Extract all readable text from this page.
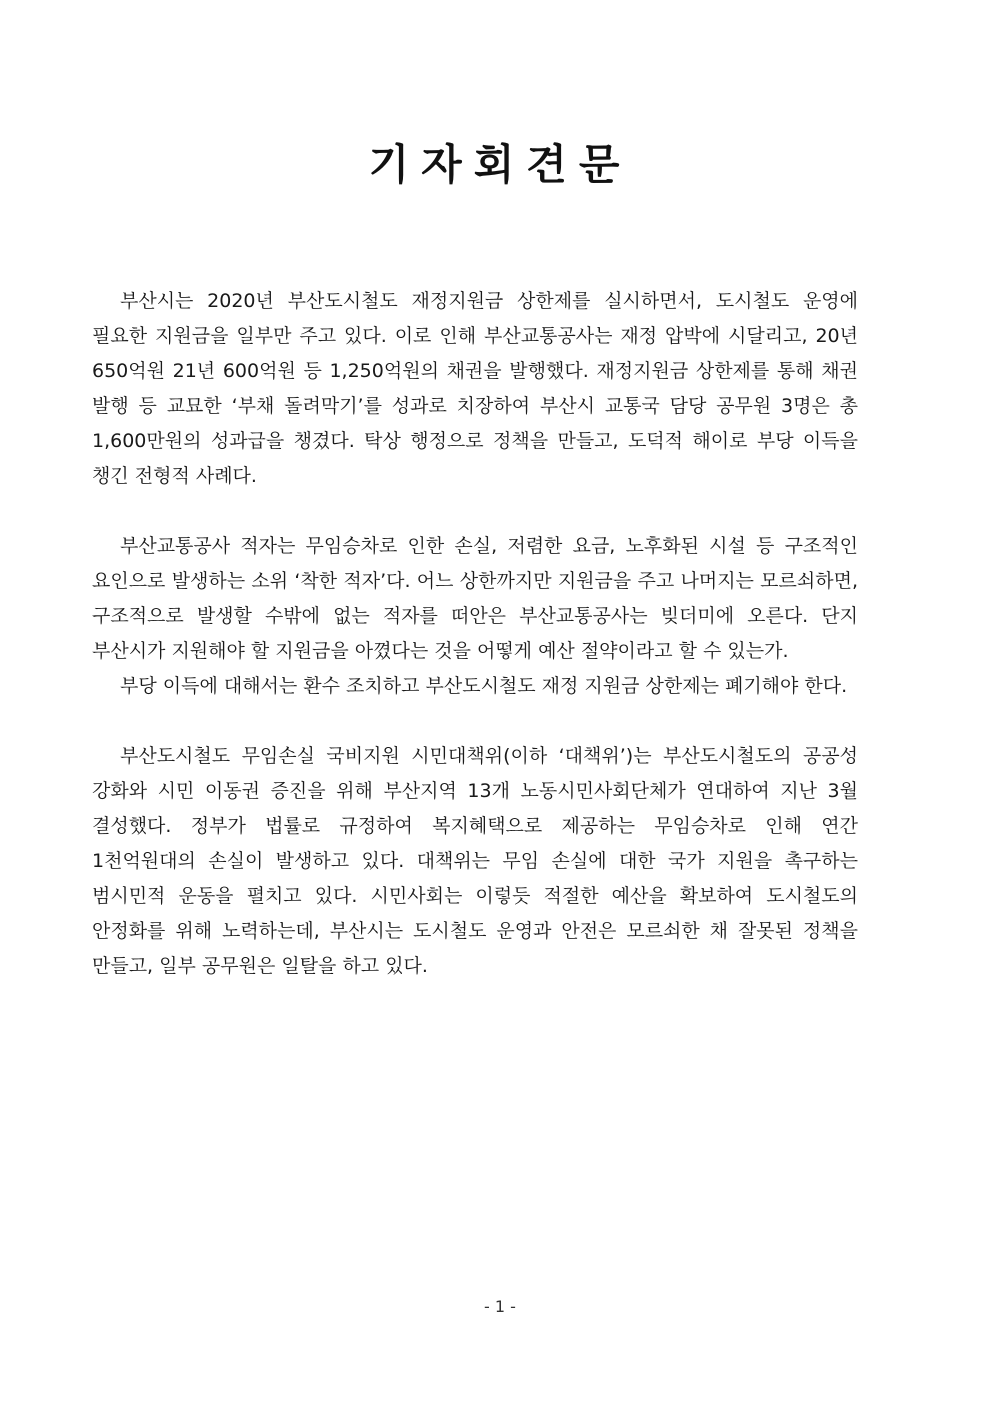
기자회견문

부산시는 2020년 부산도시철도 재정지원금 상한제를 실시하면서, 도시철도 운영에 필요한 지원금을 일부만 주고 있다. 이로 인해 부산교통공사는 재정 압박에 시달리고, 20년 650억원 21년 600억원 등 1,250억원의 채권을 발행했다. 재정지원금 상한제를 통해 채권 발행 등 교묘한 ‘부채 돌려막기’를 성과로 치장하여 부산시 교통국 담당 공무원 3명은 총 1,600만원의 성과급을 챙겼다. 탁상 행정으로 정책을 만들고, 도덕적 해이로 부당 이득을 챙긴 전형적 사례다.

부산교통공사 적자는 무임승차로 인한 손실, 저렴한 요금, 노후화된 시설 등 구조적인 요인으로 발생하는 소위 ‘착한 적자’다. 어느 상한까지만 지원금을 주고 나머지는 모르쇠하면, 구조적으로 발생할 수밖에 없는 적자를 떠안은 부산교통공사는 빚더미에 오른다. 단지 부산시가 지원해야 할 지원금을 아꼈다는 것을 어떻게 예산 절약이라고 할 수 있는가.

부당 이득에 대해서는 환수 조치하고 부산도시철도 재정 지원금 상한제는 폐기해야 한다.

부산도시철도 무임손실 국비지원 시민대책위(이하 ‘대책위’)는 부산도시철도의 공공성 강화와 시민 이동권 증진을 위해 부산지역 13개 노동시민사회단체가 연대하여 지난 3월 결성했다. 정부가 법률로 규정하여 복지혜택으로 제공하는 무임승차로 인해 연간 1천억원대의 손실이 발생하고 있다. 대책위는 무임 손실에 대한 국가 지원을 촉구하는 범시민적 운동을 펼치고 있다. 시민사회는 이렇듯 적절한 예산을 확보하여 도시철도의 안정화를 위해 노력하는데, 부산시는 도시철도 운영과 안전은 모르쇠한 채 잘못된 정책을 만들고, 일부 공무원은 일탈을 하고 있다.

- 1 -
